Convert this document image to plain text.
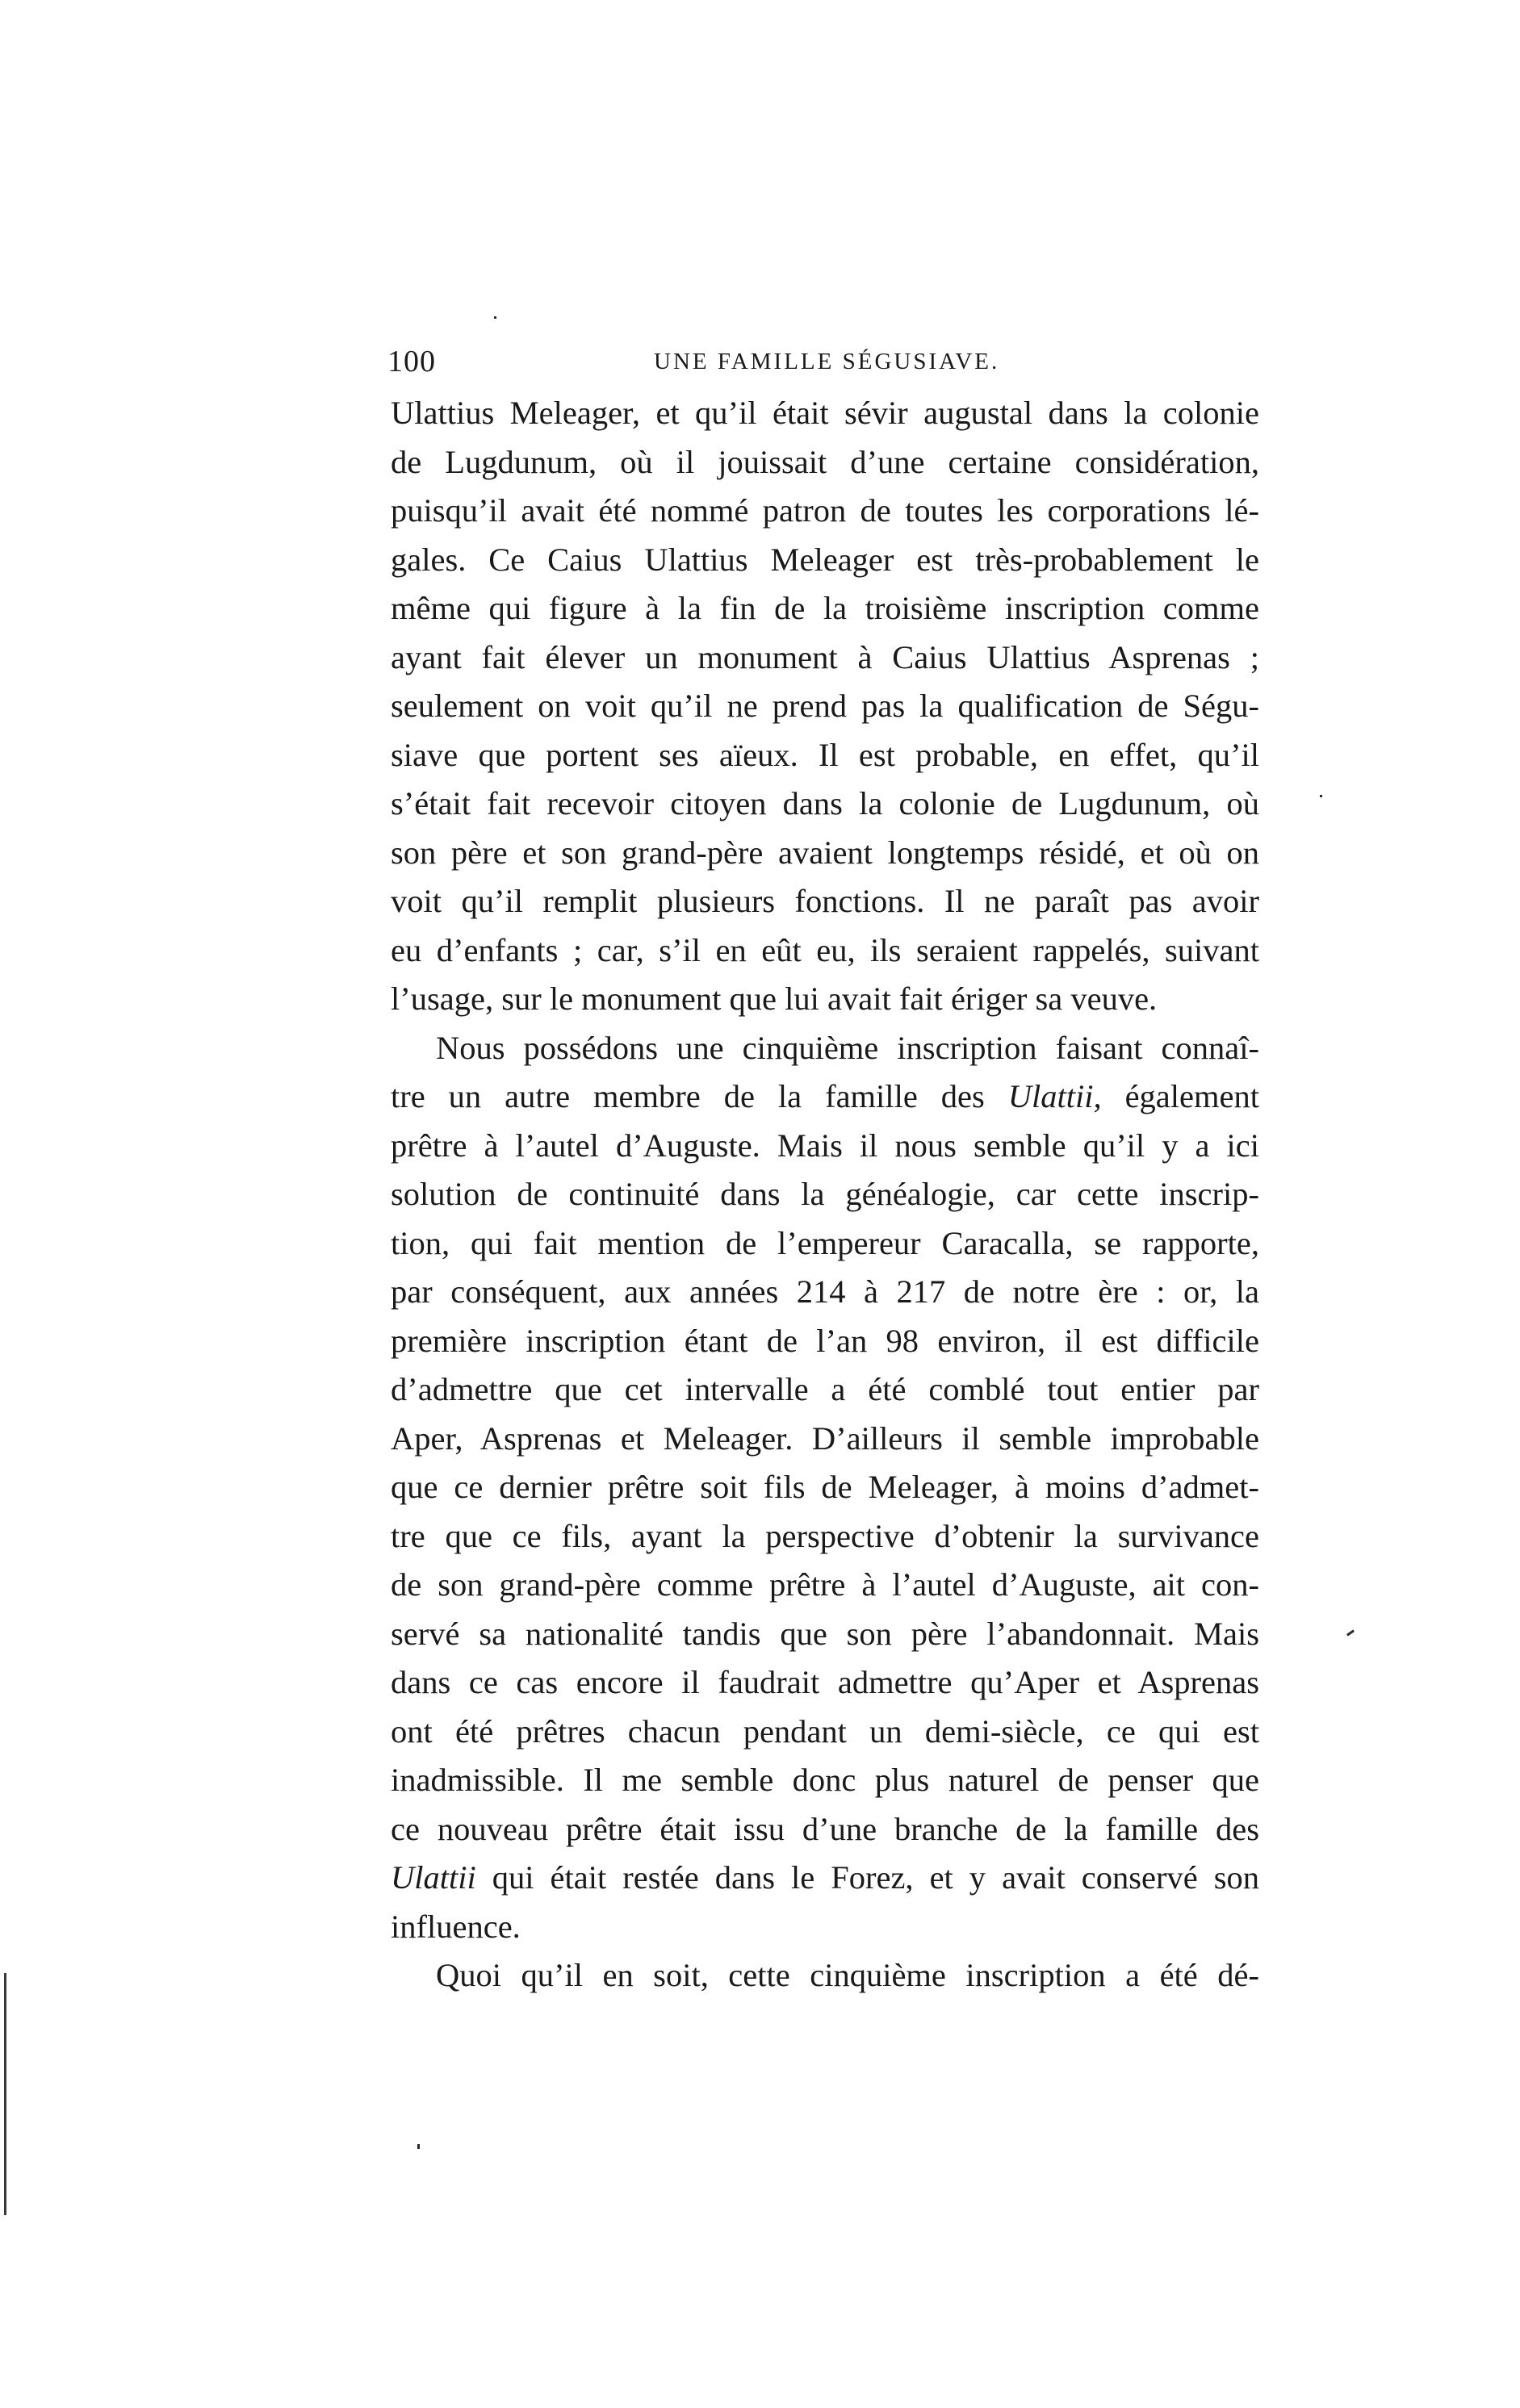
100	UNE FAMILLE SÉGUSIAVE.
Ulattius Meleager, et qu’il était sévir augustal dans la colonie
de Lugdunum, où il jouissait d’une certaine considération,
puisqu’il avait été nommé patron de toutes les corporations lé-
gales. Ce Caius Ulattius Meleager est très-probablement le
même qui figure à la fin de la troisième inscription comme
ayant fait élever un monument à Caius Ulattius Asprenas ;
seulement on voit qu’il ne prend pas la qualification de Ségu-
siave que portent ses aïeux. Il est probable, en effet, qu’il
s’était fait recevoir citoyen dans la colonie de Lugdunum, où
son père et son grand-père avaient longtemps résidé, et où on
voit qu’il remplit plusieurs fonctions. Il ne paraît pas avoir
eu d’enfants ; car, s’il en eût eu, ils seraient rappelés, suivant
l’usage, sur le monument que lui avait fait ériger sa veuve.
Nous possédons une cinquième inscription faisant connaî-
tre un autre membre de la famille des Ulattii, également
prêtre à l’autel d’Auguste. Mais il nous semble qu’il y a ici
solution de continuité dans la généalogie, car cette inscrip-
tion, qui fait mention de l’empereur Caracalla, se rapporte,
par conséquent, aux années 214 à 217 de notre ère : or, la
première inscription étant de l’an 98 environ, il est difficile
d’admettre que cet intervalle a été comblé tout entier par
Aper, Asprenas et Meleager. D’ailleurs il semble improbable
que ce dernier prêtre soit fils de Meleager, à moins d’admet-
tre que ce fils, ayant la perspective d’obtenir la survivance
de son grand-père comme prêtre à l’autel d’Auguste, ait con-
servé sa nationalité tandis que son père l’abandonnait. Mais
dans ce cas encore il faudrait admettre qu’Aper et Asprenas
ont été prêtres chacun pendant un demi-siècle, ce qui est
inadmissible. Il me semble donc plus naturel de penser que
ce nouveau prêtre était issu d’une branche de la famille des
Ulattii qui était restée dans le Forez, et y avait conservé son
influence.
Quoi qu’il en soit, cette cinquième inscription a été dé-
